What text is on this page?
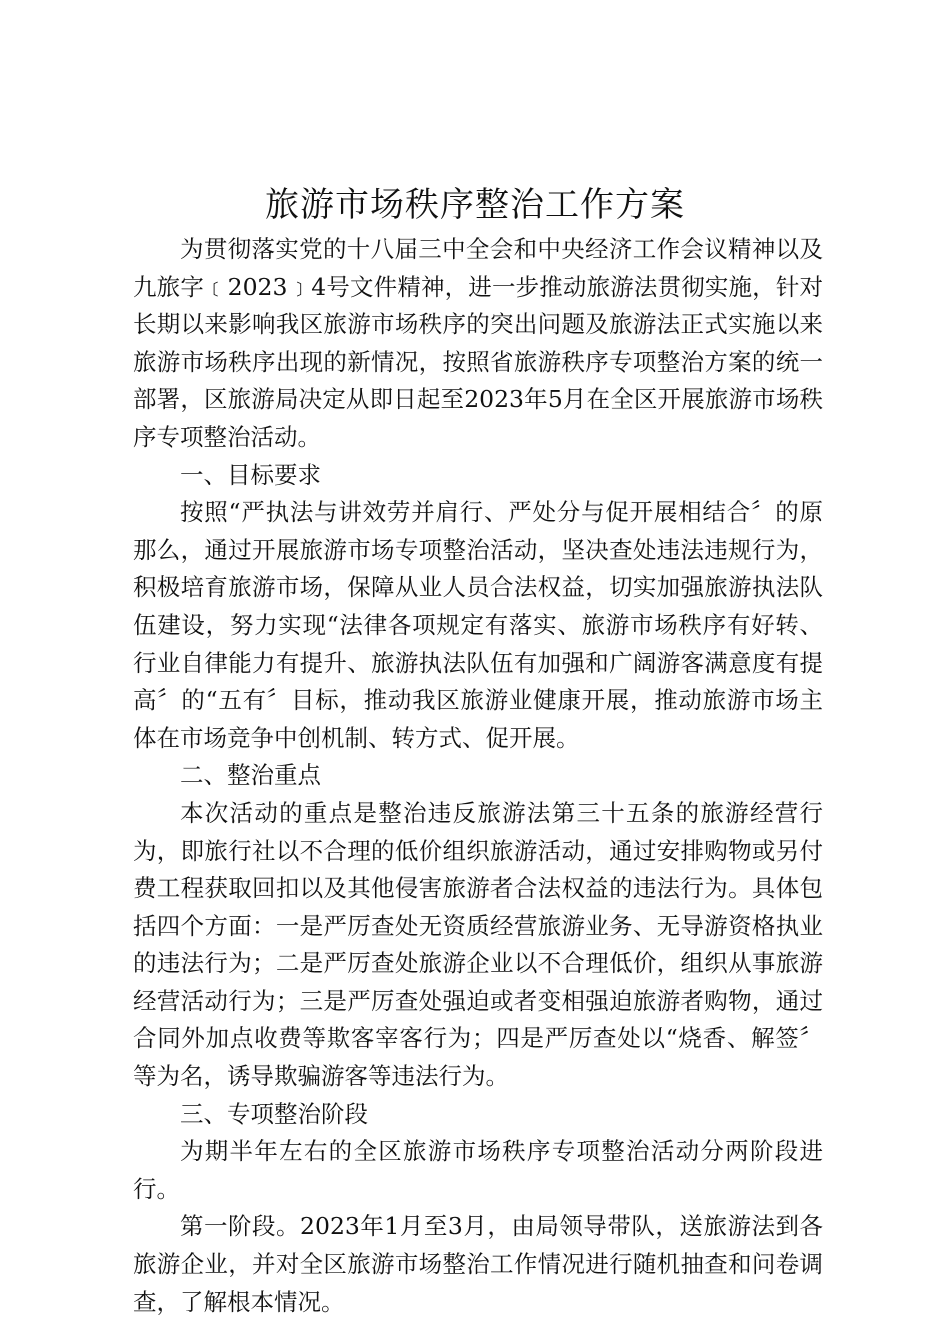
旅游市场秩序整治工作方案

为贯彻落实党的十八届三中全会和中央经济工作会议精神以及九旅字﹝2023﹞4号文件精神，进一步推动旅游法贯彻实施，针对长期以来影响我区旅游市场秩序的突出问题及旅游法正式实施以来旅游市场秩序出现的新情况，按照省旅游秩序专项整治方案的统一部署，区旅游局决定从即日起至2023年5月在全区开展旅游市场秩序专项整治活动。

一、目标要求

按照“严执法与讲效劳并肩行、严处分与促开展相结合〞的原那么，通过开展旅游市场专项整治活动，坚决查处违法违规行为，积极培育旅游市场，保障从业人员合法权益，切实加强旅游执法队伍建设，努力实现“法律各项规定有落实、旅游市场秩序有好转、行业自律能力有提升、旅游执法队伍有加强和广阔游客满意度有提高〞的“五有〞目标，推动我区旅游业健康开展，推动旅游市场主体在市场竞争中创机制、转方式、促开展。

二、整治重点

本次活动的重点是整治违反旅游法第三十五条的旅游经营行为，即旅行社以不合理的低价组织旅游活动，通过安排购物或另付费工程获取回扣以及其他侵害旅游者合法权益的违法行为。具体包括四个方面：一是严厉查处无资质经营旅游业务、无导游资格执业的违法行为；二是严厉查处旅游企业以不合理低价，组织从事旅游经营活动行为；三是严厉查处强迫或者变相强迫旅游者购物，通过合同外加点收费等欺客宰客行为；四是严厉查处以“烧香、解签〞等为名，诱导欺骗游客等违法行为。

三、专项整治阶段

为期半年左右的全区旅游市场秩序专项整治活动分两阶段进行。

第一阶段。2023年1月至3月，由局领导带队，送旅游法到各旅游企业，并对全区旅游市场整治工作情况进行随机抽查和问卷调查，了解根本情况。
